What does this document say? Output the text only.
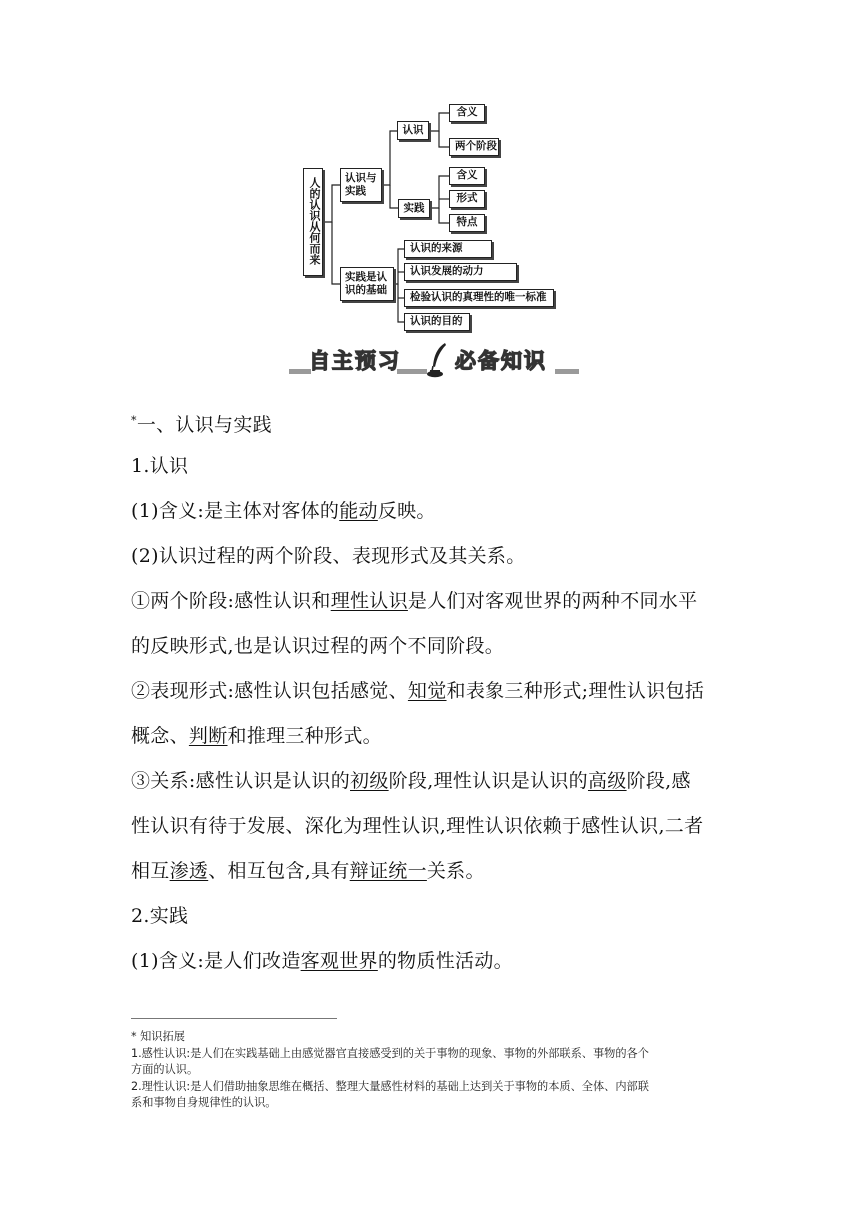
人的认识从何而来 认识与
实践
实践是认
识的基础
认识
实践
含义
两个阶段
含义
形式
特点
认识的来源
认识发展的动力
检验认识的真理性的唯一标准
认识的目的
自主预习	必备知识
*一、认识与实践
1.认识
(1)含义:是主体对客体的能动反映。
(2)认识过程的两个阶段、表现形式及其关系。
①两个阶段:感性认识和理性认识是人们对客观世界的两种不同水平
的反映形式,也是认识过程的两个不同阶段。
②表现形式:感性认识包括感觉、知觉和表象三种形式;理性认识包括
概念、判断和推理三种形式。
③关系:感性认识是认识的初级阶段,理性认识是认识的高级阶段,感
性认识有待于发展、深化为理性认识,理性认识依赖于感性认识,二者
相互渗透、相互包含,具有辩证统一关系。
2.实践
(1)含义:是人们改造客观世界的物质性活动。
* 知识拓展
1.感性认识:是人们在实践基础上由感觉器官直接感受到的关于事物的现象、事物的外部联系、事物的各个
方面的认识。
2.理性认识:是人们借助抽象思维在概括、整理大量感性材料的基础上达到关于事物的本质、全体、内部联
系和事物自身规律性的认识。
